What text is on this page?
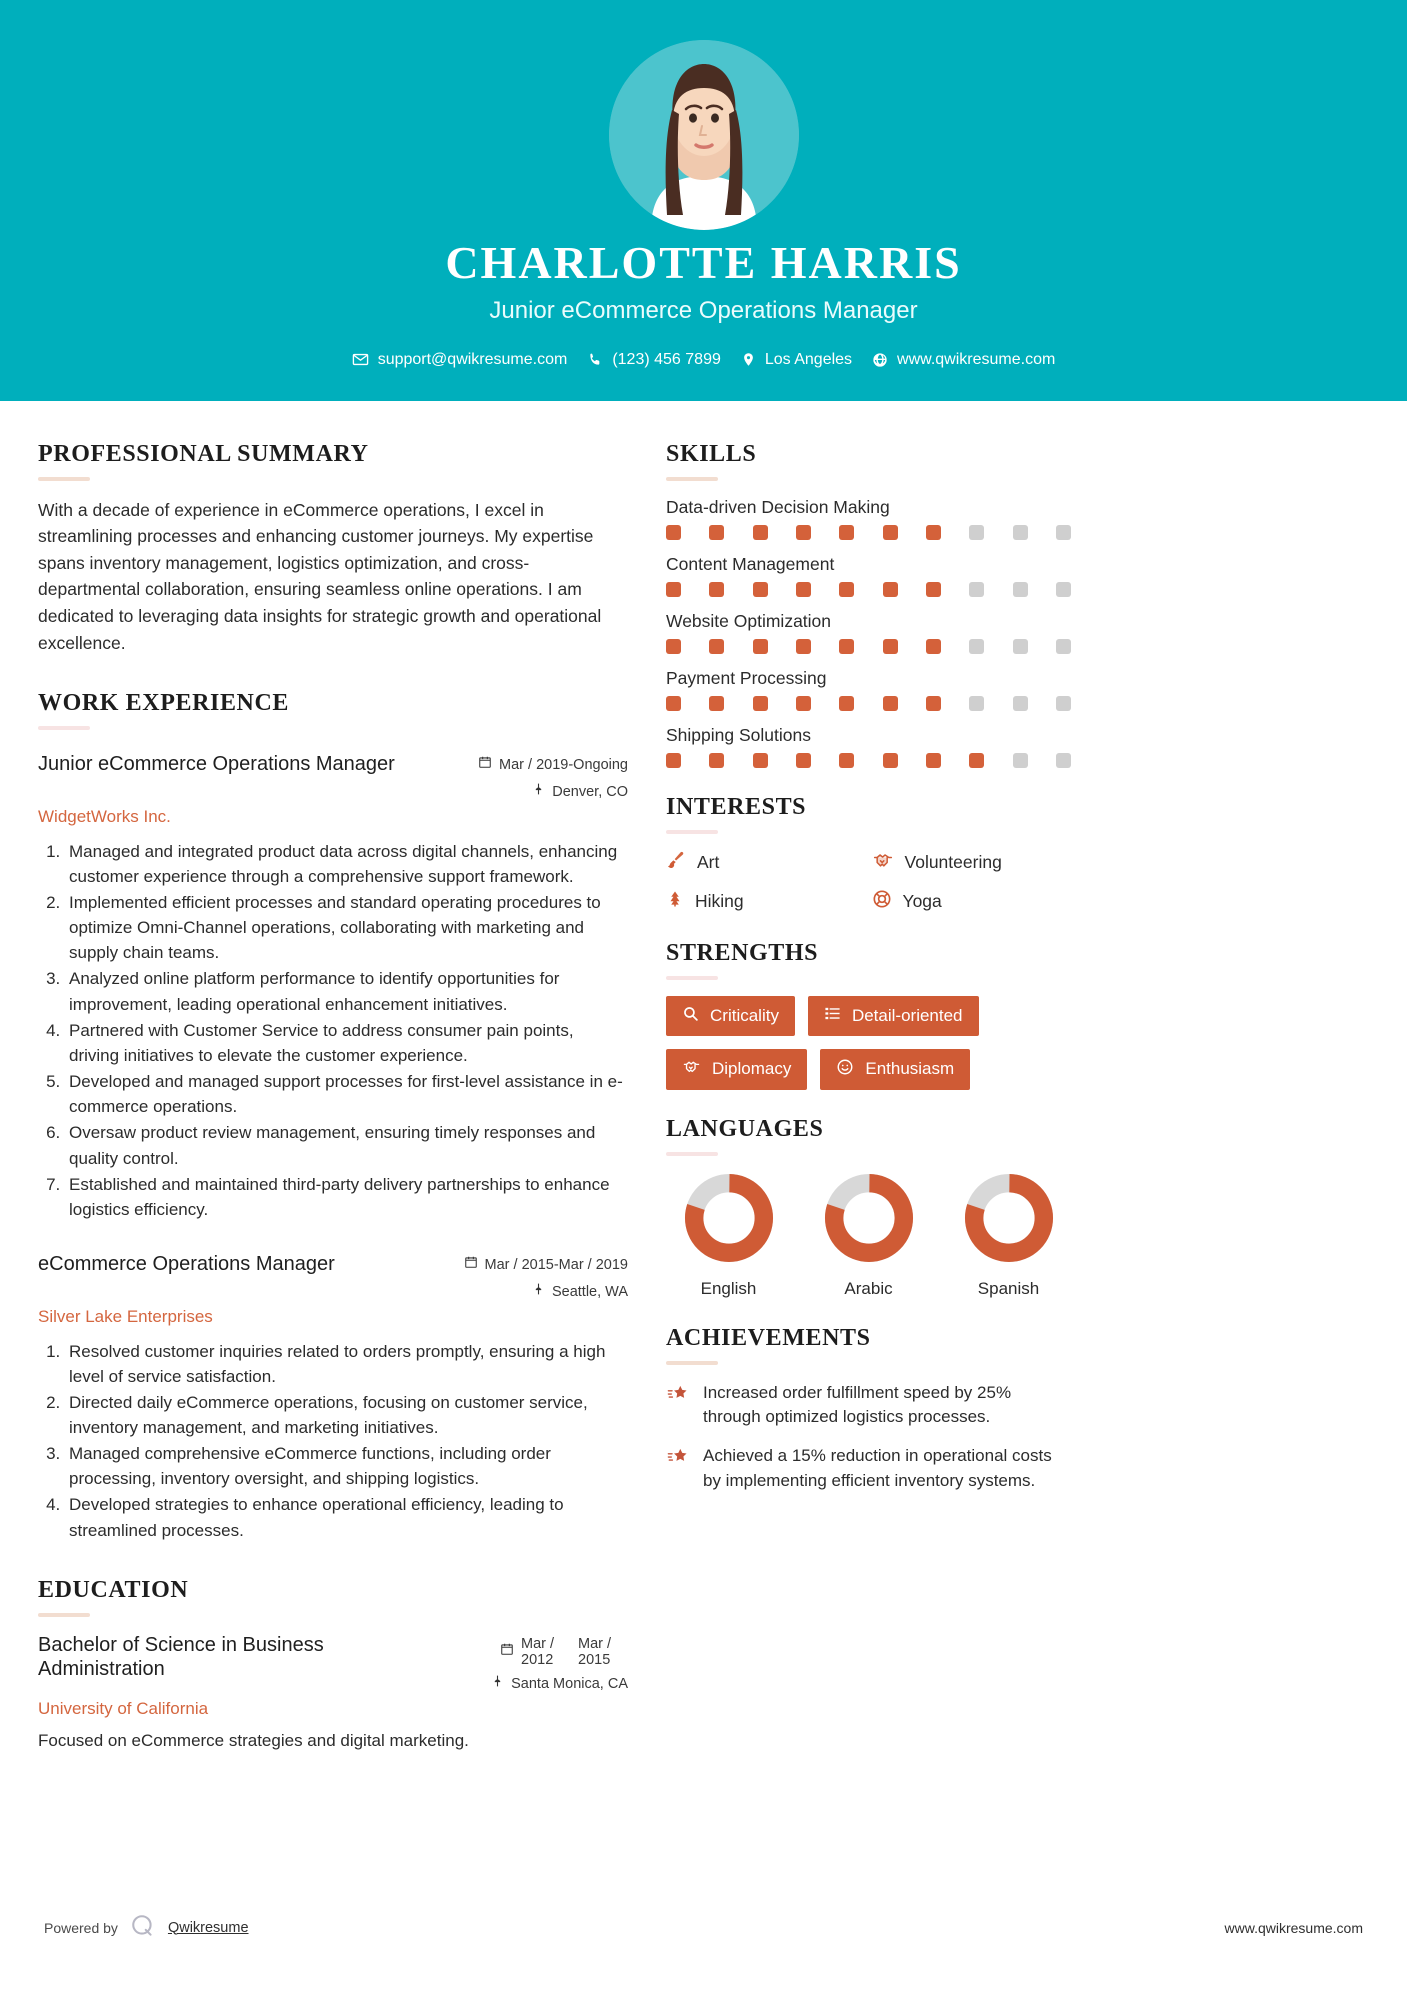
CHARLOTTE HARRIS
Junior eCommerce Operations Manager
support@qwikresume.com	(123) 456 7899	Los Angeles	www.qwikresume.com
PROFESSIONAL SUMMARY
With a decade of experience in eCommerce operations, I excel in streamlining processes and enhancing customer journeys. My expertise spans inventory management, logistics optimization, and cross-departmental collaboration, ensuring seamless online operations. I am dedicated to leveraging data insights for strategic growth and operational excellence.
WORK EXPERIENCE
Junior eCommerce Operations Manager	Mar / 2019-Ongoing
Denver, CO
WidgetWorks Inc.
1. Managed and integrated product data across digital channels, enhancing customer experience through a comprehensive support framework.
2. Implemented efficient processes and standard operating procedures to optimize Omni-Channel operations, collaborating with marketing and supply chain teams.
3. Analyzed online platform performance to identify opportunities for improvement, leading operational enhancement initiatives.
4. Partnered with Customer Service to address consumer pain points, driving initiatives to elevate the customer experience.
5. Developed and managed support processes for first-level assistance in e-commerce operations.
6. Oversaw product review management, ensuring timely responses and quality control.
7. Established and maintained third-party delivery partnerships to enhance logistics efficiency.
eCommerce Operations Manager	Mar / 2015-Mar / 2019
Seattle, WA
Silver Lake Enterprises
1. Resolved customer inquiries related to orders promptly, ensuring a high level of service satisfaction.
2. Directed daily eCommerce operations, focusing on customer service, inventory management, and marketing initiatives.
3. Managed comprehensive eCommerce functions, including order processing, inventory oversight, and shipping logistics.
4. Developed strategies to enhance operational efficiency, leading to streamlined processes.
EDUCATION
Bachelor of Science in Business Administration
Mar / 2012
Mar / 2015
Santa Monica, CA
University of California
Focused on eCommerce strategies and digital marketing.
SKILLS
Data-driven Decision Making
Content Management
Website Optimization
Payment Processing
Shipping Solutions
INTERESTS
Art	Volunteering
Hiking	Yoga
STRENGTHS
Criticality	Detail-oriented
Diplomacy	Enthusiasm
LANGUAGES
English	Arabic	Spanish
ACHIEVEMENTS
Increased order fulfillment speed by 25% through optimized logistics processes.
Achieved a 15% reduction in operational costs by implementing efficient inventory systems.
Powered by	Qwikresume	www.qwikresume.com
